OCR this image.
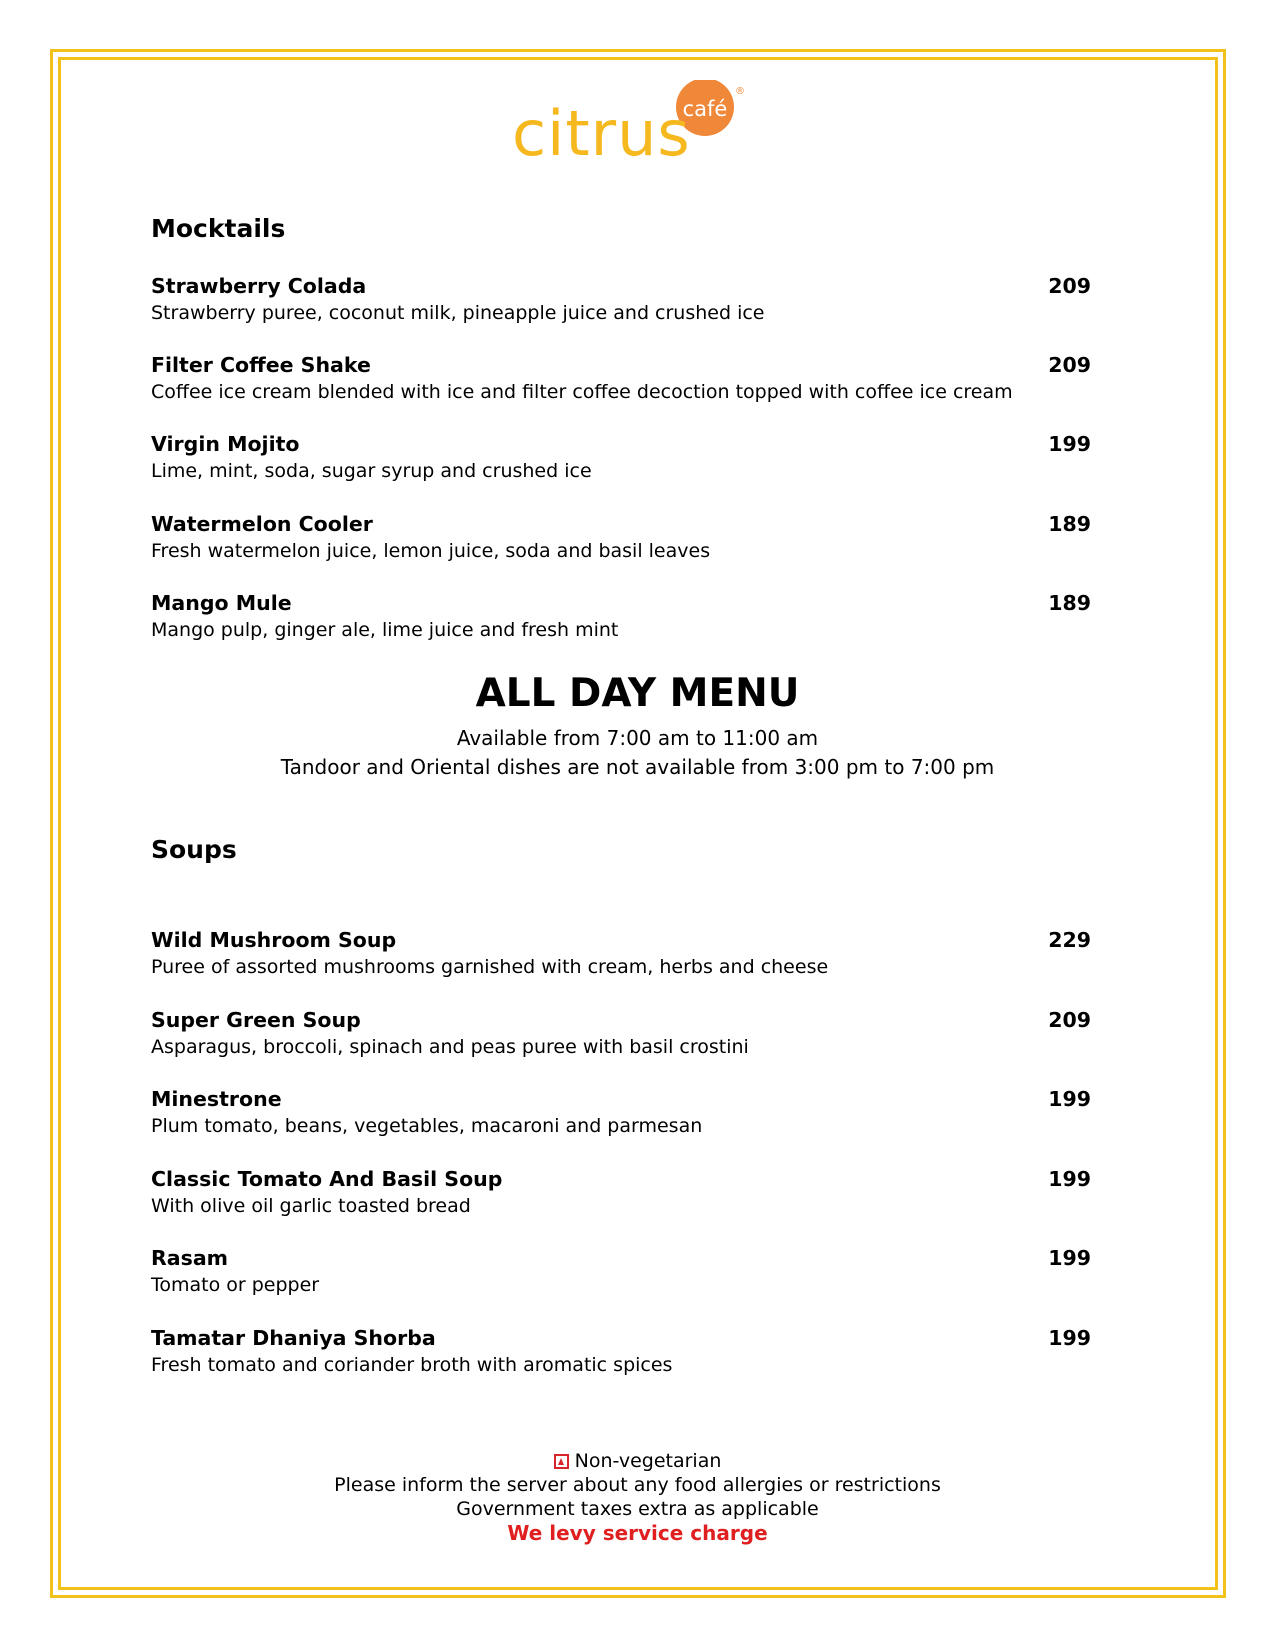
café
®
citrus
Mocktails
Strawberry Colada
Strawberry puree, coconut milk, pineapple juice and crushed ice
209
Filter Coffee Shake
Coffee ice cream blended with ice and filter coffee decoction topped with coffee ice cream
209
Virgin Mojito
Lime, mint, soda, sugar syrup and crushed ice
199
Watermelon Cooler
Fresh watermelon juice, lemon juice, soda and basil leaves
189
Mango Mule
Mango pulp, ginger ale, lime juice and fresh mint
189
ALL DAY MENU
Available from 7:00 am to 11:00 am
Tandoor and Oriental dishes are not available from 3:00 pm to 7:00 pm
Soups
Wild Mushroom Soup
Puree of assorted mushrooms garnished with cream, herbs and cheese
229
Super Green Soup
Asparagus, broccoli, spinach and peas puree with basil crostini
209
Minestrone
Plum tomato, beans, vegetables, macaroni and parmesan
199
Classic Tomato And Basil Soup
With olive oil garlic toasted bread
199
Rasam
Tomato or pepper
199
Tamatar Dhaniya Shorba
Fresh tomato and coriander broth with aromatic spices
199
Non-vegetarian
Please inform the server about any food allergies or restrictions
Government taxes extra as applicable
We levy service charge
